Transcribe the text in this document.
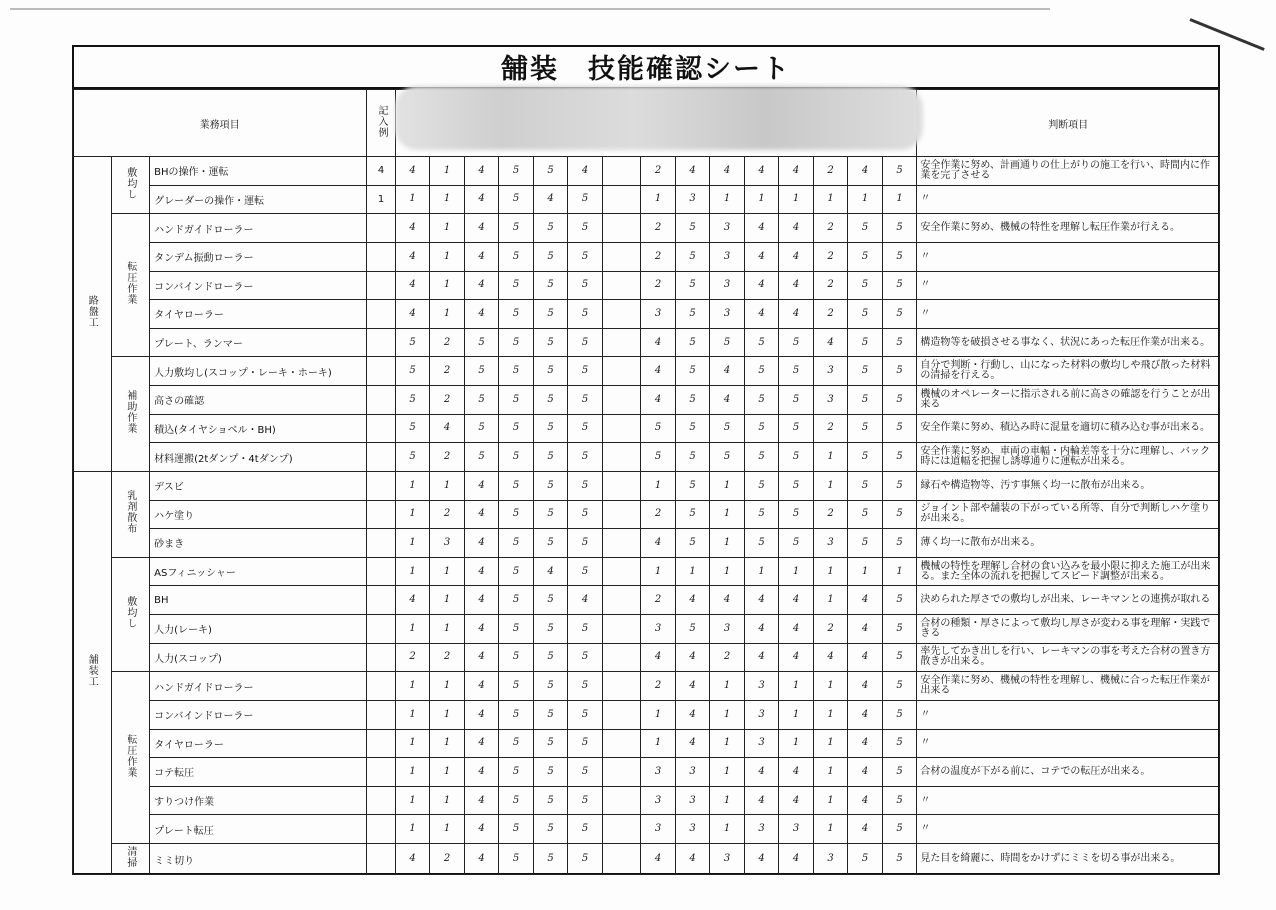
舗装　技能確認シート
業務項目			記入例																判断項目
路盤工	敷均し	BHの操作・運転	4	4	1	4	5	5	4		2	4	4	4	4	2	4	5	安全作業に努め、計画通りの仕上がりの施工を行い、時間内に作業を完了させる
		グレーダーの操作・運転	1	1	1	4	5	4	5		1	3	1	1	1	1	1	1	〃
	転圧作業	ハンドガイドローラー		4	1	4	5	5	5		2	5	3	4	4	2	5	5	安全作業に努め、機械の特性を理解し転圧作業が行える。
		タンデム振動ローラー		4	1	4	5	5	5		2	5	3	4	4	2	5	5	〃
		コンバインドローラー		4	1	4	5	5	5		2	5	3	4	4	2	5	5	〃
		タイヤローラー		4	1	4	5	5	5		3	5	3	4	4	2	5	5	〃
		プレート、ランマー		5	2	5	5	5	5		4	5	5	5	5	4	5	5	構造物等を破損させる事なく、状況にあった転圧作業が出来る。
	補助作業	人力敷均し(スコップ・レーキ・ホーキ)		5	2	5	5	5	5		4	5	4	5	5	3	5	5	自分で判断・行動し、山になった材料の敷均しや飛び散った材料の清掃を行える。
		高さの確認		5	2	5	5	5	5		4	5	4	5	5	3	5	5	機械のオペレーターに指示される前に高さの確認を行うことが出来る
		積込(タイヤショベル・BH)		5	4	5	5	5	5		5	5	5	5	5	2	5	5	安全作業に努め、積込み時に混量を適切に積み込む事が出来る。
		材料運搬(2tダンプ・4tダンプ)		5	2	5	5	5	5		5	5	5	5	5	1	5	5	安全作業に努め、車両の車幅・内輪差等を十分に理解し、バック時には道幅を把握し誘導通りに運転が出来る。
舗装工	乳剤散布	デスビ		1	1	4	5	5	5		1	5	1	5	5	1	5	5	縁石や構造物等、汚す事無く均一に散布が出来る。
		ハケ塗り		1	2	4	5	5	5		2	5	1	5	5	2	5	5	ジョイント部や舗装の下がっている所等、自分で判断しハケ塗りが出来る。
		砂まき		1	3	4	5	5	5		4	5	1	5	5	3	5	5	薄く均一に散布が出来る。
	敷均し	ASフィニッシャー		1	1	4	5	4	5		1	1	1	1	1	1	1	1	機械の特性を理解し合材の食い込みを最小限に抑えた施工が出来る。また全体の流れを把握してスピード調整が出来る。
		BH		4	1	4	5	5	4		2	4	4	4	4	1	4	5	決められた厚さでの敷均しが出来、レーキマンとの連携が取れる
		人力(レーキ)		1	1	4	5	5	5		3	5	3	4	4	2	4	5	合材の種類・厚さによって敷均し厚さが変わる事を理解・実践できる
		人力(スコップ)		2	2	4	5	5	5		4	4	2	4	4	4	4	5	率先してかき出しを行い、レーキマンの事を考えた合材の置き方散きが出来る。
	転圧作業	ハンドガイドローラー		1	1	4	5	5	5		2	4	1	3	1	1	4	5	安全作業に努め、機械の特性を理解し、機械に合った転圧作業が出来る
		コンバインドローラー		1	1	4	5	5	5		1	4	1	3	1	1	4	5	〃
		タイヤローラー		1	1	4	5	5	5		1	4	1	3	1	1	4	5	〃
		コテ転圧		1	1	4	5	5	5		3	3	1	4	4	1	4	5	合材の温度が下がる前に、コテでの転圧が出来る。
		すりつけ作業		1	1	4	5	5	5		3	3	1	4	4	1	4	5	〃
		プレート転圧		1	1	4	5	5	5		3	3	1	3	3	1	4	5	〃
	清掃	ミミ切り		4	2	4	5	5	5		4	4	3	4	4	3	5	5	見た目を綺麗に、時間をかけずにミミを切る事が出来る。
